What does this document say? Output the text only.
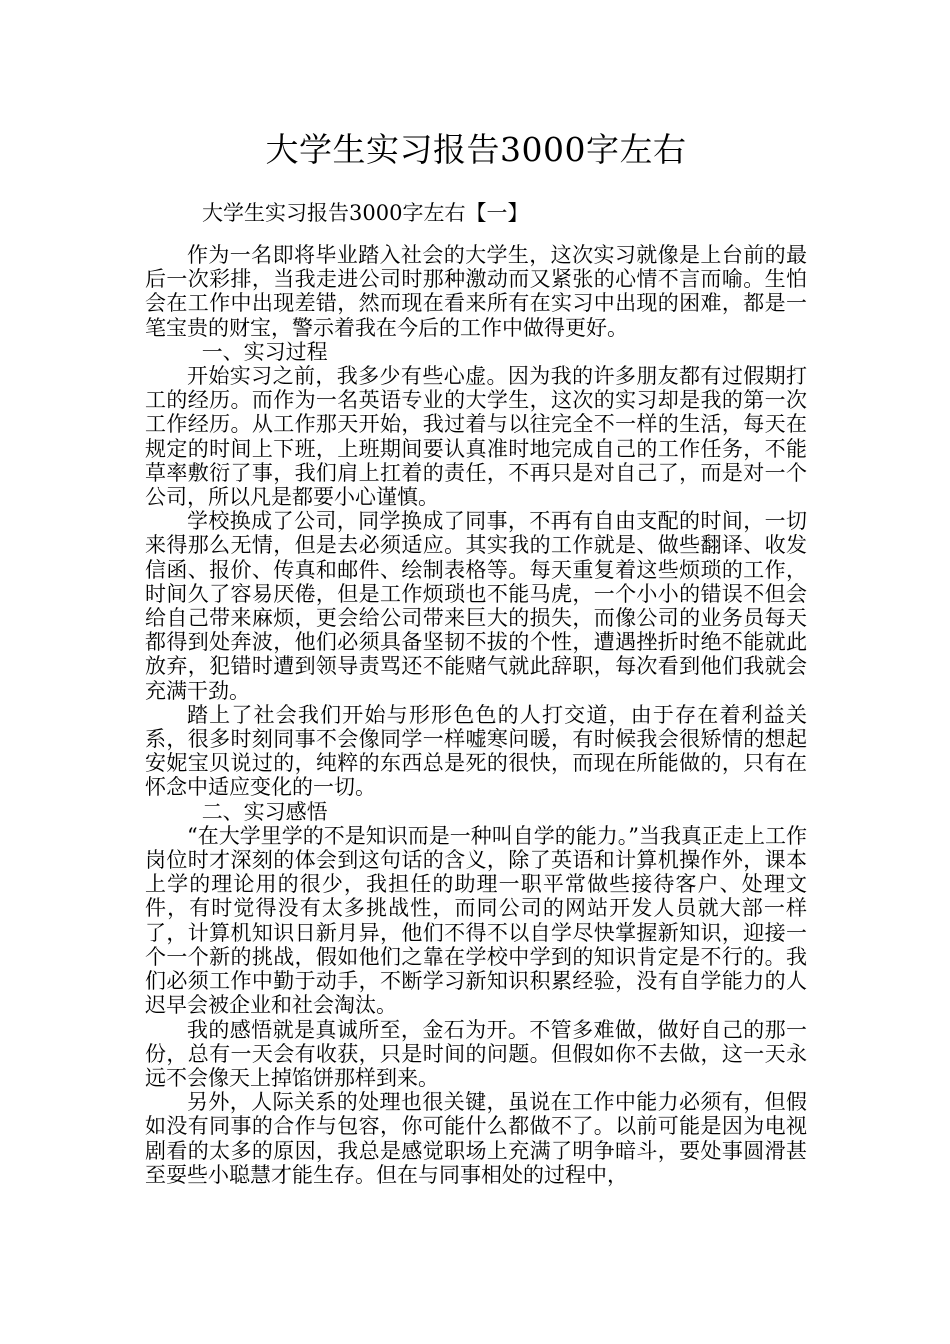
大学生实习报告3000字左右
大学生实习报告3000字左右【一】

作为一名即将毕业踏入社会的大学生，这次实习就像是上台前的最后一次彩排，当我走进公司时那种激动而又紧张的心情不言而喻。生怕会在工作中出现差错，然而现在看来所有在实习中出现的困难，都是一笔宝贵的财宝，警示着我在今后的工作中做得更好。

一、实习过程

开始实习之前，我多少有些心虚。因为我的许多朋友都有过假期打工的经历。而作为一名英语专业的大学生，这次的实习却是我的第一次工作经历。从工作那天开始，我过着与以往完全不一样的生活，每天在规定的时间上下班，上班期间要认真准时地完成自己的工作任务，不能草率敷衍了事，我们肩上扛着的责任，不再只是对自己了，而是对一个公司，所以凡是都要小心谨慎。

学校换成了公司，同学换成了同事，不再有自由支配的时间，一切来得那么无情，但是去必须适应。其实我的工作就是、做些翻译、收发信函、报价、传真和邮件、绘制表格等。每天重复着这些烦琐的工作，时间久了容易厌倦，但是工作烦琐也不能马虎，一个小小的错误不但会给自己带来麻烦，更会给公司带来巨大的损失，而像公司的业务员每天都得到处奔波，他们必须具备坚韧不拔的个性，遭遇挫折时绝不能就此放弃，犯错时遭到领导责骂还不能赌气就此辞职，每次看到他们我就会充满干劲。

踏上了社会我们开始与形形色色的人打交道，由于存在着利益关系，很多时刻同事不会像同学一样嘘寒问暖，有时候我会很矫情的想起安妮宝贝说过的，纯粹的东西总是死的很快，而现在所能做的，只有在怀念中适应变化的一切。

二、实习感悟

“在大学里学的不是知识而是一种叫自学的能力。”当我真正走上工作岗位时才深刻的体会到这句话的含义，除了英语和计算机操作外，课本上学的理论用的很少，我担任的助理一职平常做些接待客户、处理文件，有时觉得没有太多挑战性，而同公司的网站开发人员就大部一样了，计算机知识日新月异，他们不得不以自学尽快掌握新知识，迎接一个一个新的挑战，假如他们之靠在学校中学到的知识肯定是不行的。我们必须工作中勤于动手，不断学习新知识积累经验，没有自学能力的人迟早会被企业和社会淘汰。

我的感悟就是真诚所至，金石为开。不管多难做，做好自己的那一份，总有一天会有收获，只是时间的问题。但假如你不去做，这一天永远不会像天上掉馅饼那样到来。

另外，人际关系的处理也很关键，虽说在工作中能力必须有，但假如没有同事的合作与包容，你可能什么都做不了。以前可能是因为电视剧看的太多的原因，我总是感觉职场上充满了明争暗斗，要处事圆滑甚至耍些小聪慧才能生存。但在与同事相处的过程中，
